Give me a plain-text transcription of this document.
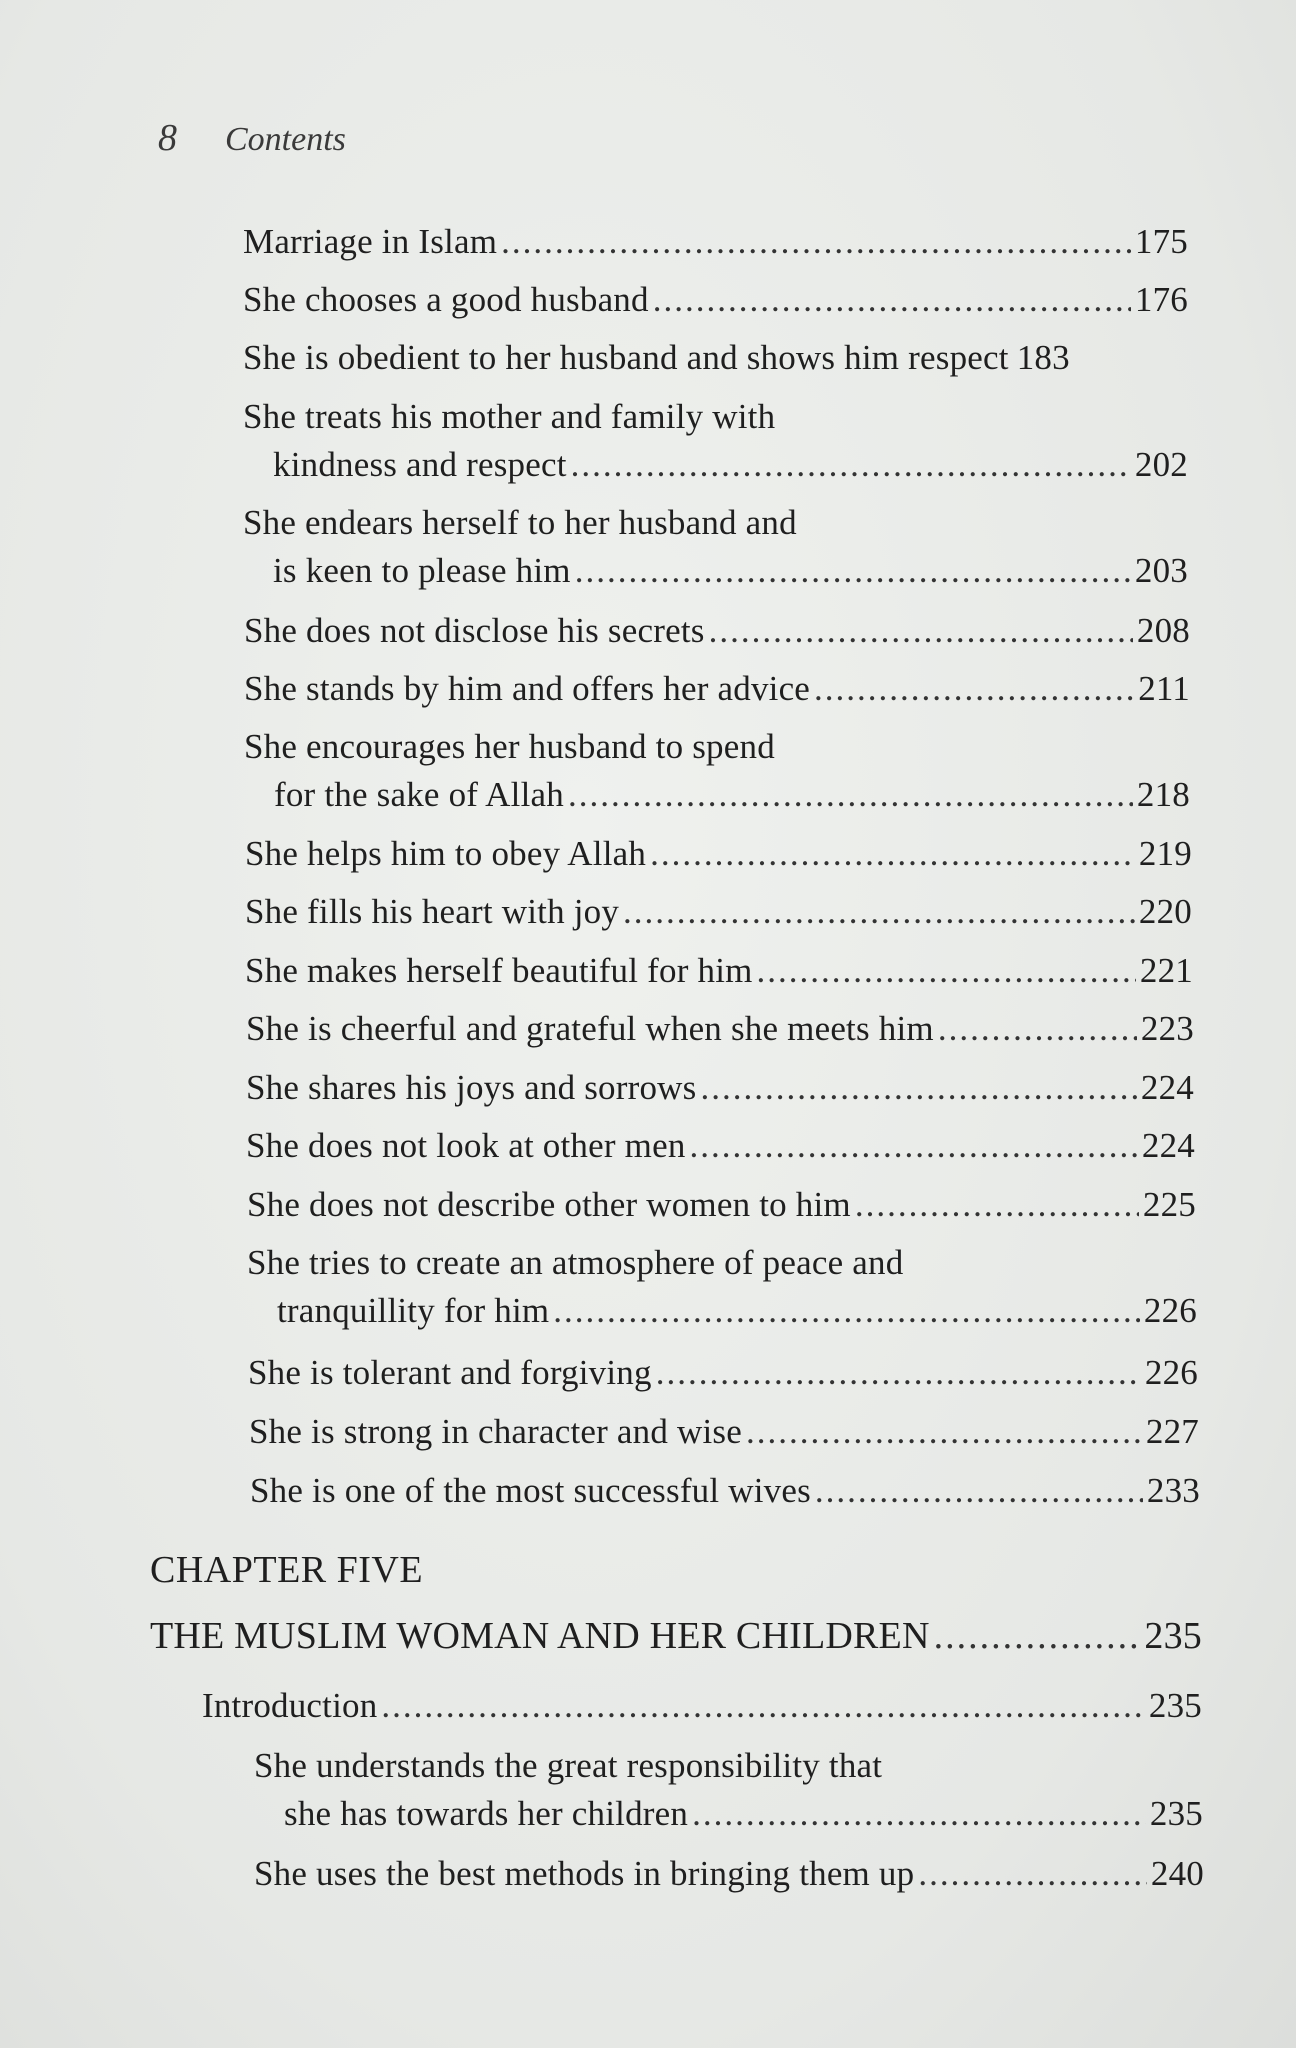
8 Contents
Marriage in Islam .....	175
She chooses a good husband .....	176
She is obedient to her husband and shows him respect 183
She treats his mother and family with
kindness and respect .....	202
She endears herself to her husband and
is keen to please him .....	203
She does not disclose his secrets .....	208
She stands by him and offers her advice .....	211
She encourages her husband to spend
for the sake of Allah .....	218
She helps him to obey Allah .....	219
She fills his heart with joy .....	220
She makes herself beautiful for him .....	221
She is cheerful and grateful when she meets him .....	223
She shares his joys and sorrows .....	224
She does not look at other men .....	224
She does not describe other women to him .....	225
She tries to create an atmosphere of peace and
tranquillity for him .....	226
She is tolerant and forgiving .....	226
She is strong in character and wise .....	227
She is one of the most successful wives .....	233
CHAPTER FIVE
THE MUSLIM WOMAN AND HER CHILDREN .....	235
Introduction .....	235
She understands the great responsibility that
she has towards her children .....	235
She uses the best methods in bringing them up .....	240
